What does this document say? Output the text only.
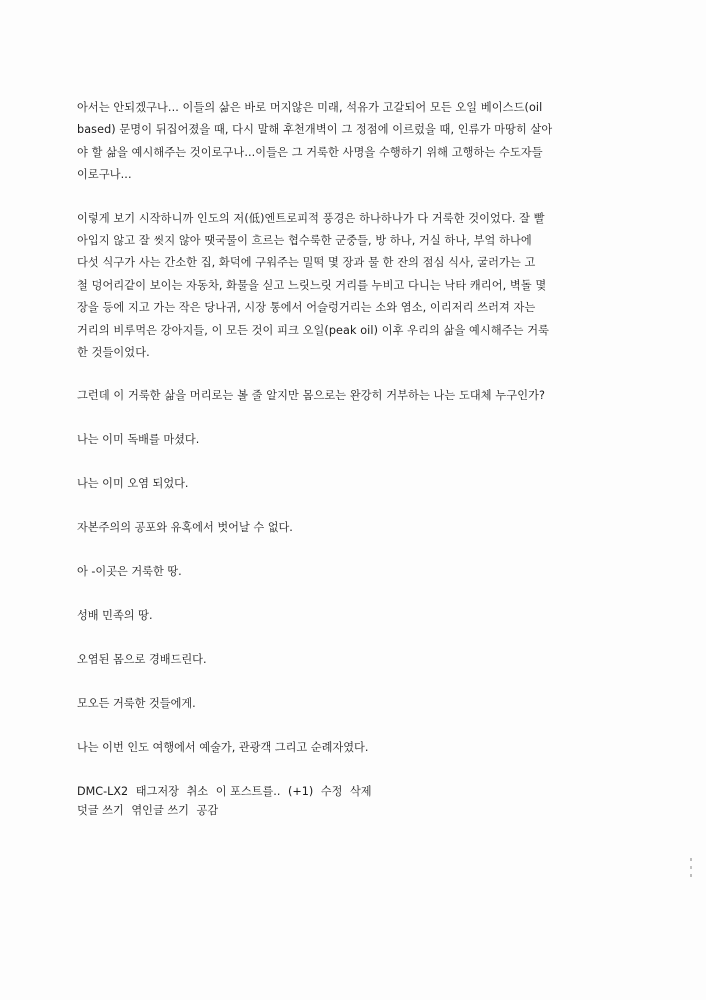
아서는 안되겠구나... 이들의 삶은 바로 머지않은 미래, 석유가 고갈되어 모든 오일 베이스드(oil
based) 문명이 뒤집어졌을 때, 다시 말해 후천개벽이 그 정점에 이르렀을 때, 인류가 마땅히 살아
야 할 삶을 예시해주는 것이로구나...이들은 그 거룩한 사명을 수행하기 위해 고행하는 수도자들
이로구나...
이렇게 보기 시작하니까 인도의 저(低)엔트로피적 풍경은 하나하나가 다 거룩한 것이었다. 잘 빨
아입지 않고 잘 씻지 않아 땟국물이 흐르는 협수룩한 군중들, 방 하나, 거실 하나, 부엌 하나에
다섯 식구가 사는 간소한 집, 화덕에 구워주는 밀떡 몇 장과 물 한 잔의 점심 식사, 굴러가는 고
철 덩어리같이 보이는 자동차, 화물을 싣고 느릿느릿 거리를 누비고 다니는 낙타 캐리어, 벽돌 몇
장을 등에 지고 가는 작은 당나귀, 시장 통에서 어슬렁거리는 소와 염소, 이리저리 쓰러져 자는
거리의 비루먹은 강아지들, 이 모든 것이 피크 오일(peak oil) 이후 우리의 삶을 예시해주는 거룩
한 것들이었다.
그런데 이 거룩한 삶을 머리로는 볼 줄 알지만 몸으로는 완강히 거부하는 나는 도대체 누구인가?
나는 이미 독배를 마셨다.
나는 이미 오염 되었다.
자본주의의 공포와 유혹에서 벗어날 수 없다.
아 -이곳은 거룩한 땅.
성배 민족의 땅.
오염된 몸으로 경배드린다.
모오든 거룩한 것들에게.
나는 이번 인도 여행에서 예술가, 관광객 그리고 순례자였다.
DMC-LX2 태그저장 취소 이 포스트를.. (+1) 수정 삭제
덧글 쓰기 엮인글 쓰기 공감
